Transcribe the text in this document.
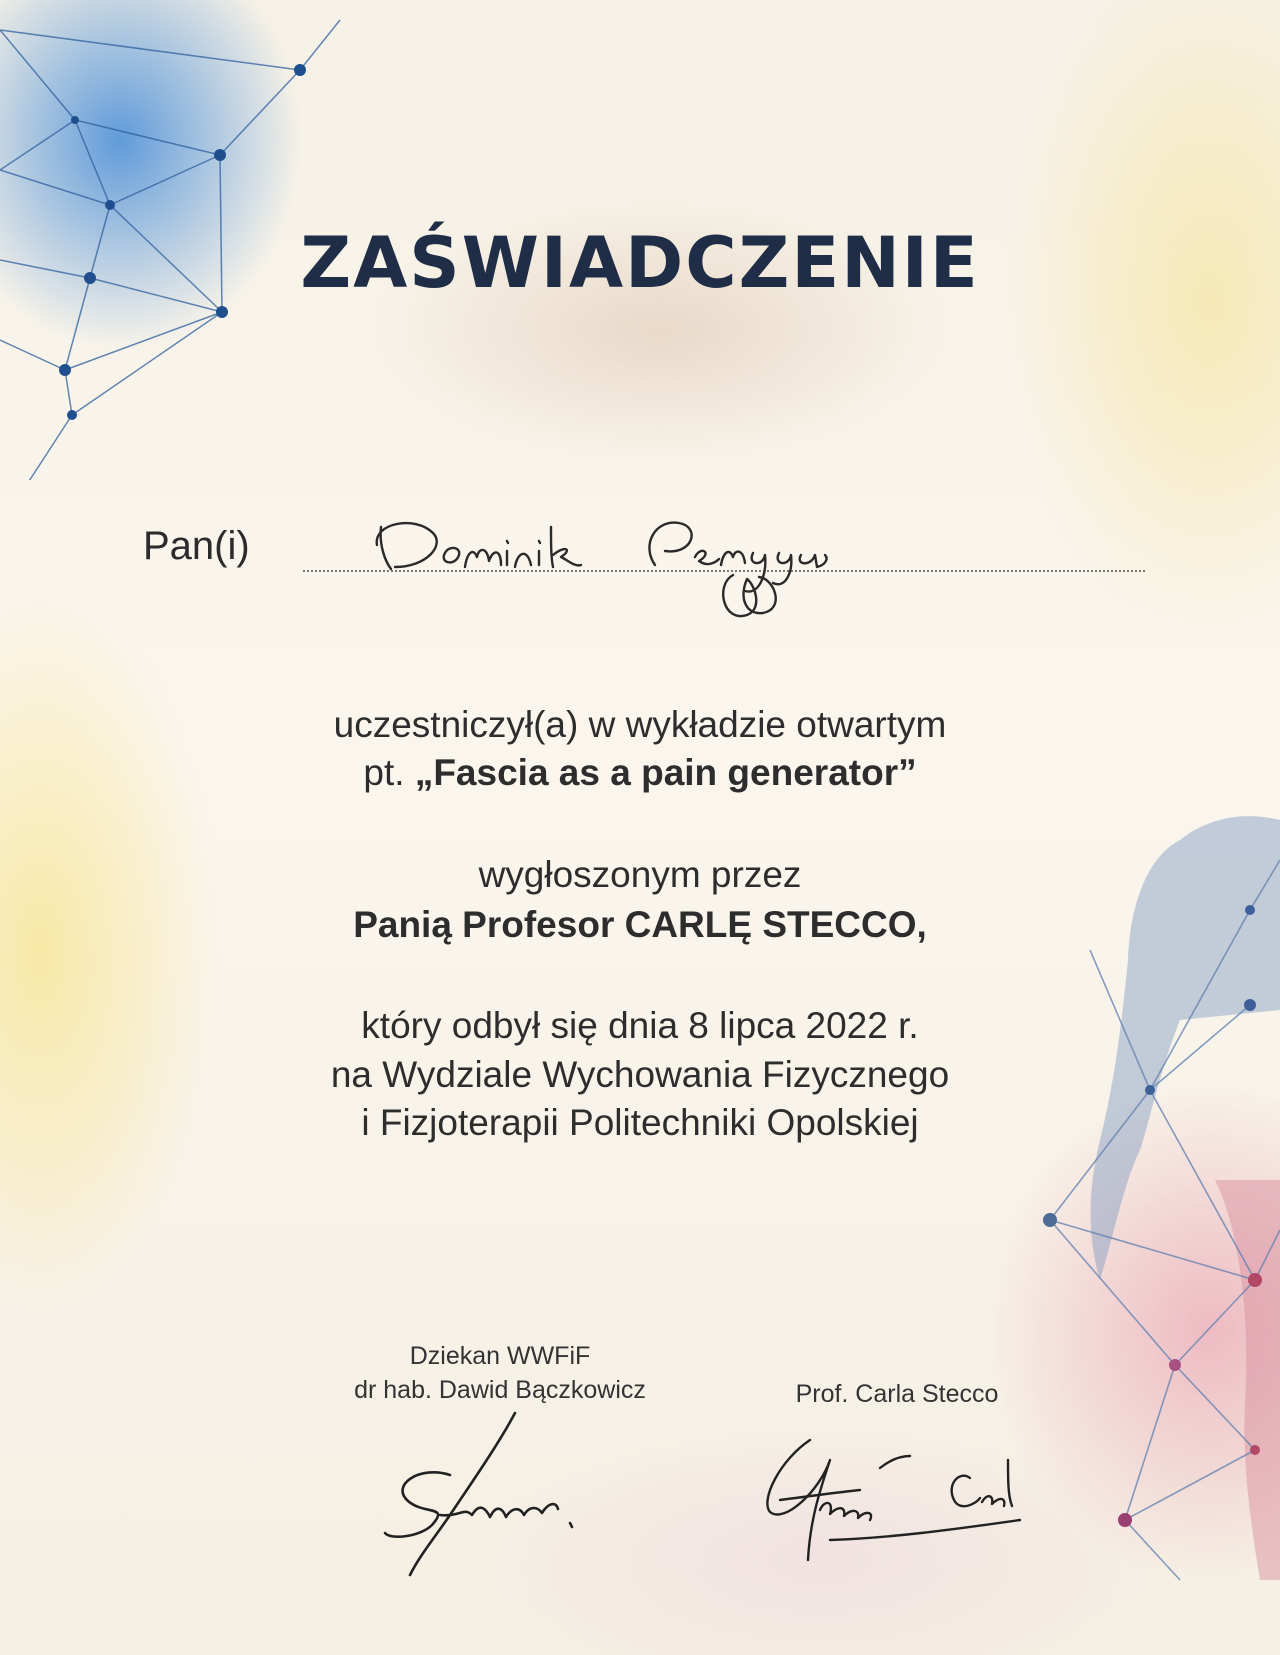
ZAŚWIADCZENIE
Pan(i)
uczestniczył(a) w wykładzie otwartym
pt. „Fascia as a pain generator”
wygłoszonym przez
Panią Profesor CARLĘ STECCO,
który odbył się dnia 8 lipca 2022 r.
na Wydziale Wychowania Fizycznego
i Fizjoterapii Politechniki Opolskiej
Dziekan WWFiF
dr hab. Dawid Bączkowicz	Prof. Carla Stecco
